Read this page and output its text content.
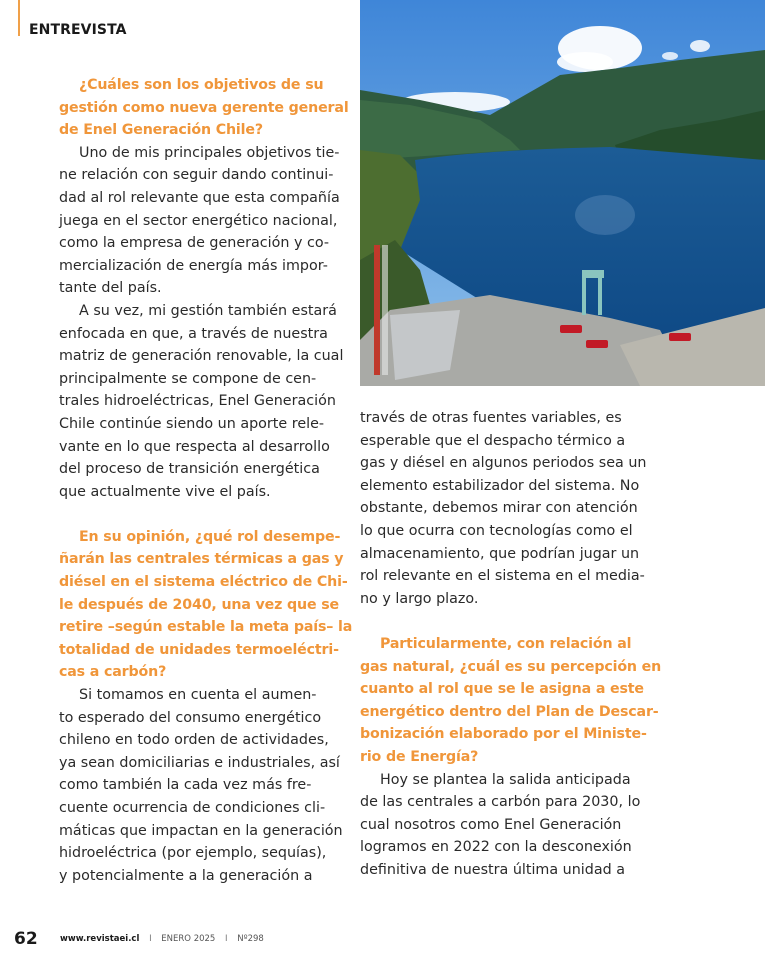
ENTREVISTA
¿Cuáles son los objetivos de su
gestión como nueva gerente general
de Enel Generación Chile?
Uno de mis principales objetivos tie-
ne relación con seguir dando continui-
dad al rol relevante que esta compañía
juega en el sector energético nacional,
como la empresa de generación y co-
mercialización de energía más impor-
tante del país.
A su vez, mi gestión también estará
enfocada en que, a través de nuestra
matriz de generación renovable, la cual
principalmente se compone de cen-
trales hidroeléctricas, Enel Generación
Chile continúe siendo un aporte rele-
vante en lo que respecta al desarrollo
del proceso de transición energética
que actualmente vive el país.
En su opinión, ¿qué rol desempe-
ñarán las centrales térmicas a gas y
diésel en el sistema eléctrico de Chi-
le después de 2040, una vez que se
retire –según estable la meta país– la
totalidad de unidades termoeléctri-
cas a carbón?
Si tomamos en cuenta el aumen-
to esperado del consumo energético
chileno en todo orden de actividades,
ya sean domiciliarias e industriales, así
como también la cada vez más fre-
cuente ocurrencia de condiciones cli-
máticas que impactan en la generación
hidroeléctrica (por ejemplo, sequías),
y potencialmente a la generación a
través de otras fuentes variables, es
esperable que el despacho térmico a
gas y diésel en algunos periodos sea un
elemento estabilizador del sistema. No
obstante, debemos mirar con atención
lo que ocurra con tecnologías como el
almacenamiento, que podrían jugar un
rol relevante en el sistema en el media-
no y largo plazo.
Particularmente, con relación al
gas natural, ¿cuál es su percepción en
cuanto al rol que se le asigna a este
energético dentro del Plan de Descar-
bonización elaborado por el Ministe-
rio de Energía?
Hoy se plantea la salida anticipada
de las centrales a carbón para 2030, lo
cual nosotros como Enel Generación
logramos en 2022 con la desconexión
definitiva de nuestra última unidad a
62	www.revistaei.cl I ENERO 2025 I Nº298
